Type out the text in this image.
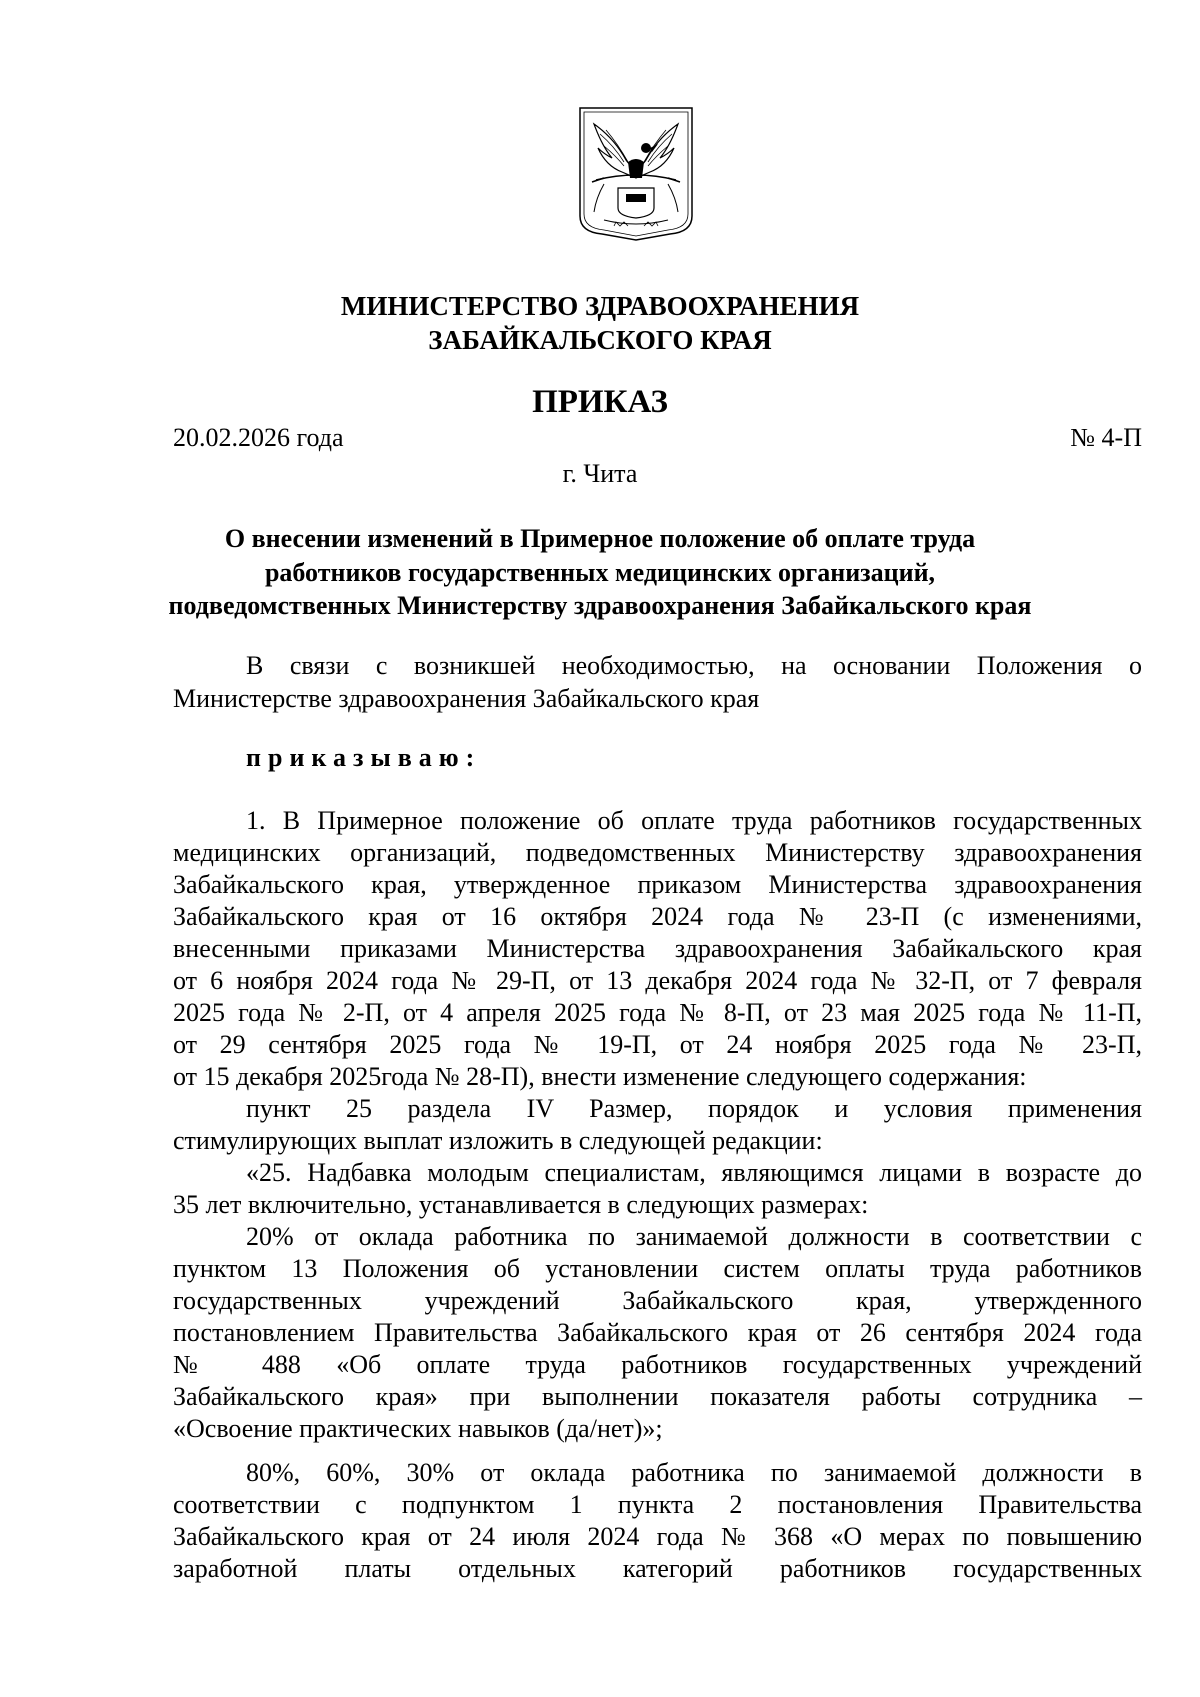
МИНИСТЕРСТВО ЗДРАВООХРАНЕНИЯ
ЗАБАЙКАЛЬСКОГО КРАЯ
ПРИКАЗ
20.02.2026 года	№ 4-П
г. Чита
О внесении изменений в Примерное положение об оплате труда
работников государственных медицинских организаций,
подведомственных Министерству здравоохранения Забайкальского края
В связи с возникшей необходимостью, на основании Положения о
Министерстве здравоохранения Забайкальского края
приказываю:
1. В Примерное положение об оплате труда работников государственных
медицинских организаций, подведомственных Министерству здравоохранения
Забайкальского края, утвержденное приказом Министерства здравоохранения
Забайкальского края от 16 октября 2024 года № 23-П (с изменениями,
внесенными приказами Министерства здравоохранения Забайкальского края
от 6 ноября 2024 года № 29-П, от 13 декабря 2024 года № 32-П, от 7 февраля
2025 года № 2-П, от 4 апреля 2025 года № 8-П, от 23 мая 2025 года № 11-П,
от 29 сентября 2025 года № 19-П, от 24 ноября 2025 года № 23-П,
от 15 декабря 2025года № 28-П), внести изменение следующего содержания:
пункт 25 раздела IV Размер, порядок и условия применения
стимулирующих выплат изложить в следующей редакции:
«25. Надбавка молодым специалистам, являющимся лицами в возрасте до
35 лет включительно, устанавливается в следующих размерах:
20% от оклада работника по занимаемой должности в соответствии с
пунктом 13 Положения об установлении систем оплаты труда работников
государственных учреждений Забайкальского края, утвержденного
постановлением Правительства Забайкальского края от 26 сентября 2024 года
№ 488 «Об оплате труда работников государственных учреждений
Забайкальского края» при выполнении показателя работы сотрудника –
«Освоение практических навыков (да/нет)»;
80%, 60%, 30% от оклада работника по занимаемой должности в
соответствии с подпунктом 1 пункта 2 постановления Правительства
Забайкальского края от 24 июля 2024 года № 368 «О мерах по повышению
заработной платы отдельных категорий работников государственных
